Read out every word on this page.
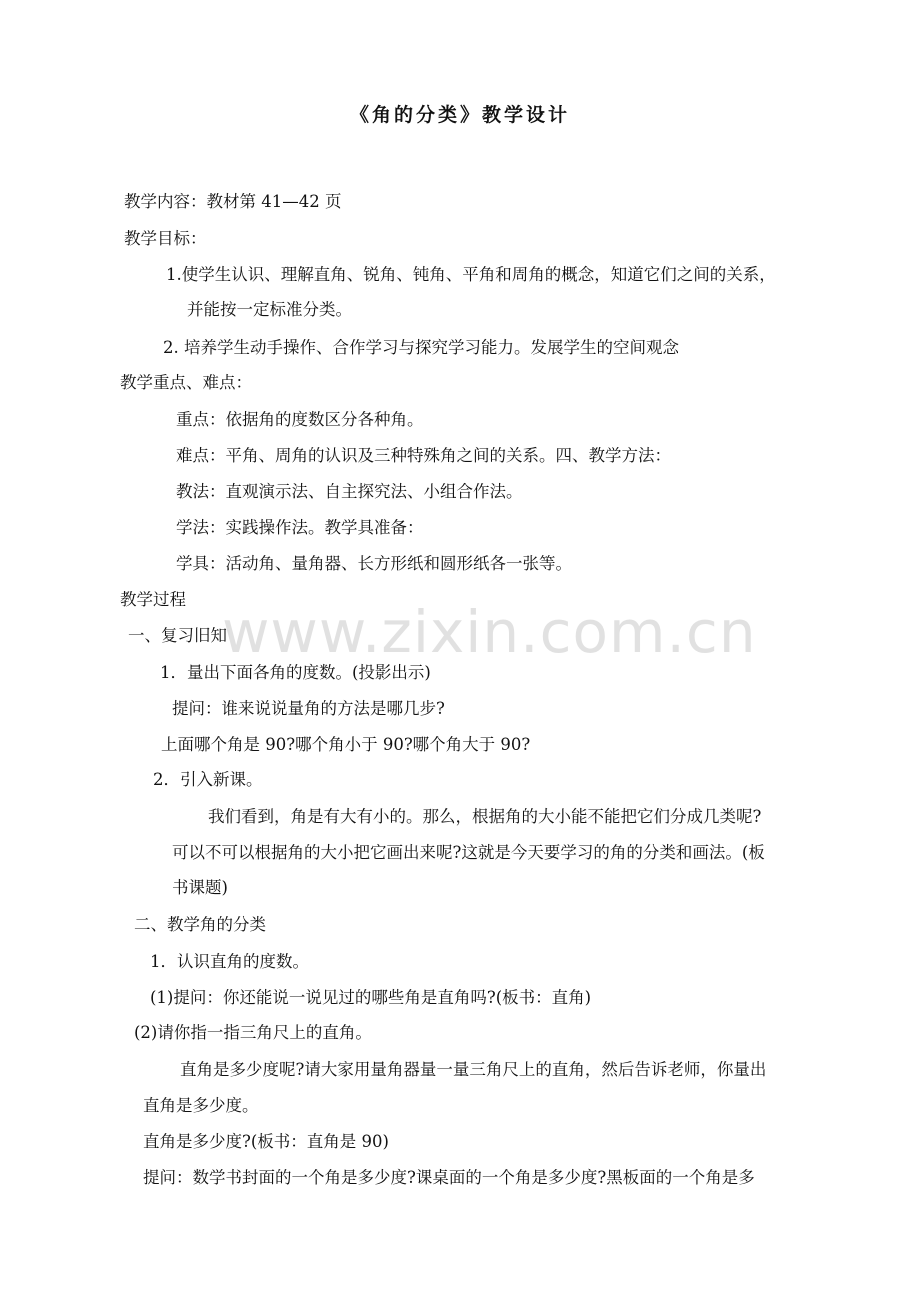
《角的分类》教学设计
教学内容：教材第 41—42 页
教学目标：
1.使学生认识、理解直角、锐角、钝角、平角和周角的概念，知道它们之间的关系，
并能按一定标准分类。
2. 培养学生动手操作、合作学习与探究学习能力。发展学生的空间观念
教学重点、难点：
重点：依据角的度数区分各种角。
难点：平角、周角的认识及三种特殊角之间的关系。四、教学方法：
教法：直观演示法、自主探究法、小组合作法。
学法：实践操作法。教学具准备：
学具：活动角、量角器、长方形纸和圆形纸各一张等。
教学过程
一、复习旧知
1．量出下面各角的度数。(投影出示)
提问：谁来说说量角的方法是哪几步?
上面哪个角是 90?哪个角小于 90?哪个角大于 90?
2．引入新课。
我们看到，角是有大有小的。那么，根据角的大小能不能把它们分成几类呢?
可以不可以根据角的大小把它画出来呢?这就是今天要学习的角的分类和画法。(板
书课题)
二、教学角的分类
1．认识直角的度数。
(1)提问：你还能说一说见过的哪些角是直角吗?(板书：直角)
(2)请你指一指三角尺上的直角。
直角是多少度呢?请大家用量角器量一量三角尺上的直角，然后告诉老师，你量出
直角是多少度。
直角是多少度?(板书：直角是 90)
提问：数学书封面的一个角是多少度?课桌面的一个角是多少度?黑板面的一个角是多
www.zixin.com.cn
